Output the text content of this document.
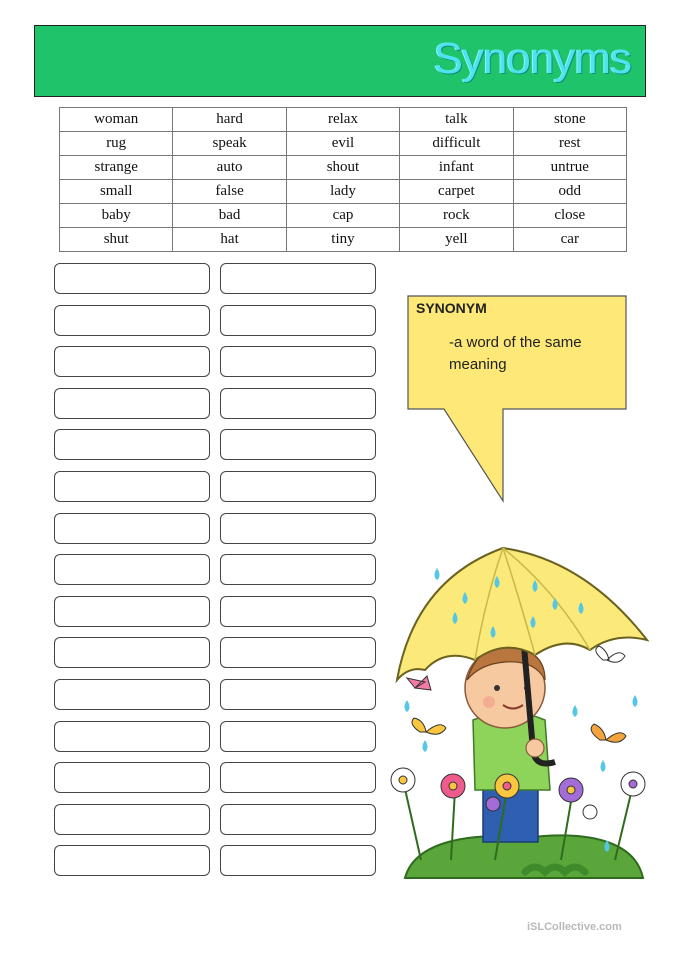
Synonyms
woman	hard	relax	talk	stone
rug	speak	evil	difficult	rest
strange	auto	shout	infant	untrue
small	false	lady	carpet	odd
baby	bad	cap	rock	close
shut	hat	tiny	yell	car
SYNONYM
-a word of the same meaning
iSLCollective.com
